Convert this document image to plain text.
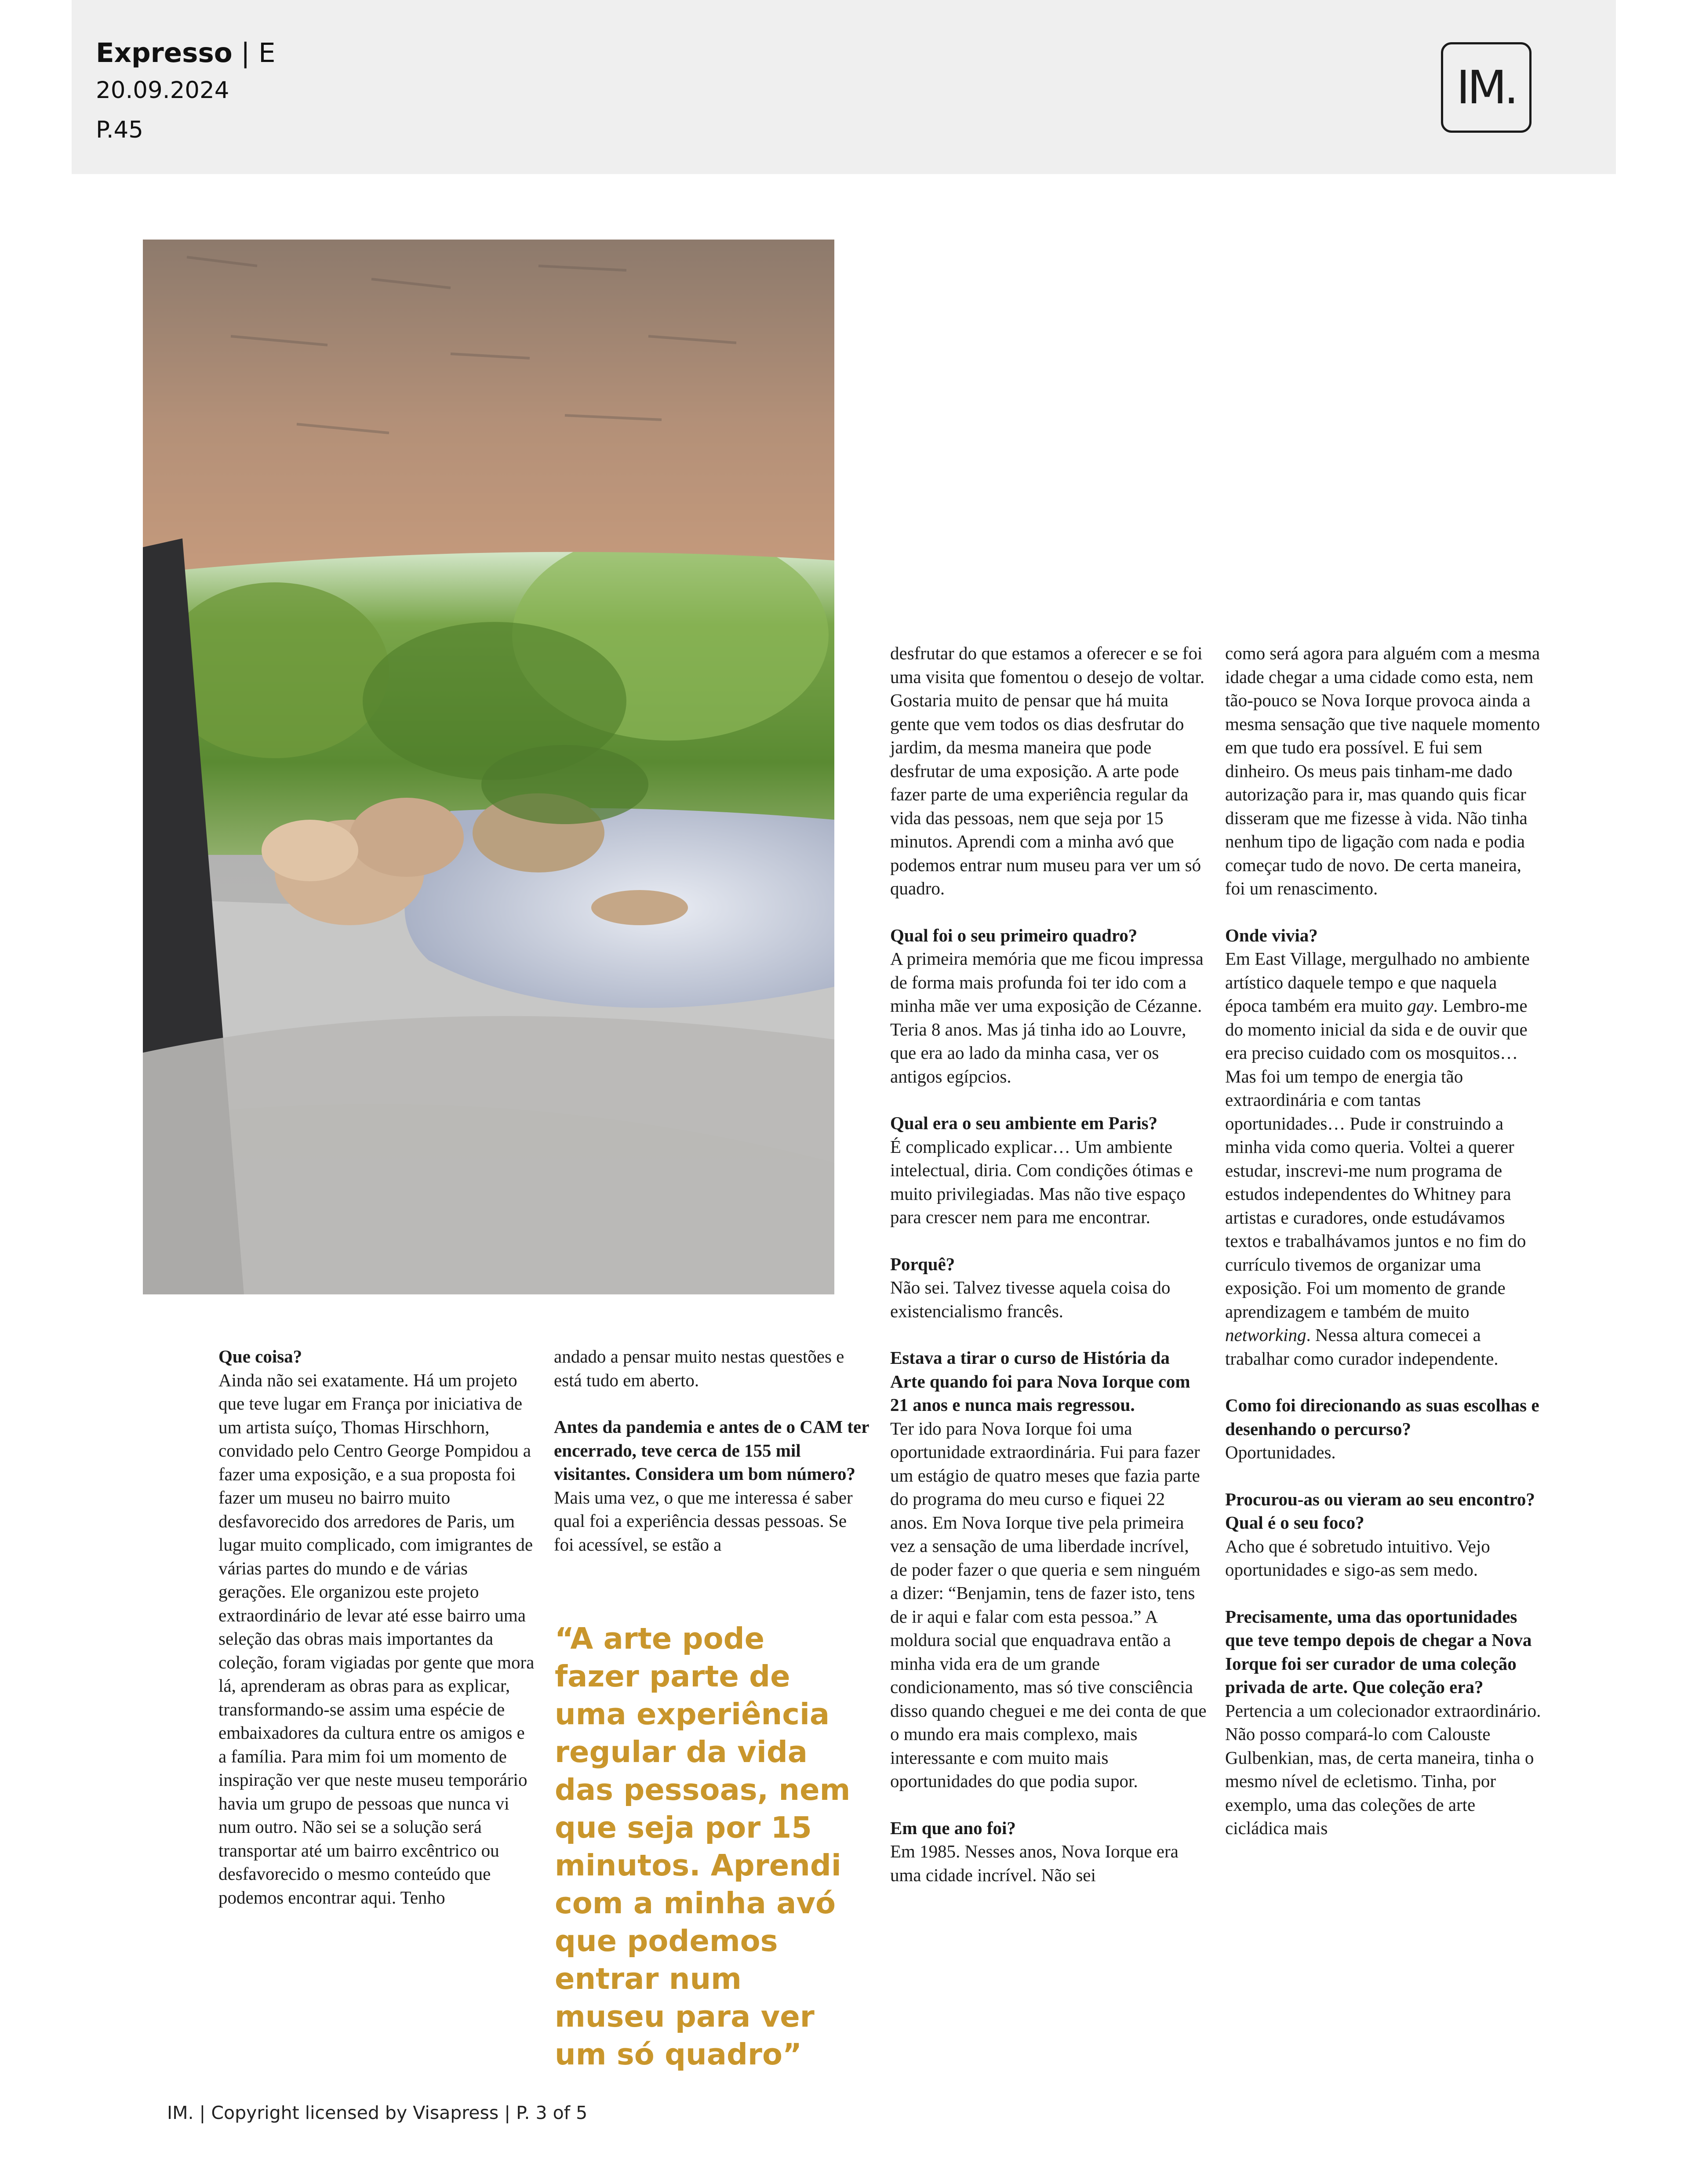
Expresso | E
20.09.2024
P.45
IM.

Que coisa?

Ainda não sei exatamente. Há um projeto que teve lugar em França por iniciativa de um artista suíço, Thomas Hirschhorn, convidado pelo Centro George Pompidou a fazer uma exposição, e a sua proposta foi fazer um museu no bairro muito desfavorecido dos arredores de Paris, um lugar muito complicado, com imigrantes de várias partes do mundo e de várias gerações. Ele organizou este projeto extraordinário de levar até esse bairro uma seleção das obras mais importantes da coleção, foram vigiadas por gente que mora lá, aprenderam as obras para as explicar, transformando-se assim uma espécie de embaixadores da cultura entre os amigos e a família. Para mim foi um momento de inspiração ver que neste museu temporário havia um grupo de pessoas que nunca vi num outro. Não sei se a solução será transportar até um bairro excêntrico ou desfavorecido o mesmo conteúdo que podemos encontrar aqui. Tenho

andado a pensar muito nestas questões e está tudo em aberto.

Antes da pandemia e antes de o CAM ter encerrado, teve cerca de 155 mil visitantes. Considera um bom número?

Mais uma vez, o que me interessa é saber qual foi a experiência dessas pessoas. Se foi acessível, se estão a

“A arte pode fazer parte de uma experiência regular da vida das pessoas, nem que seja por 15 minutos. Aprendi com a minha avó que podemos entrar num museu para ver um só quadro”

desfrutar do que estamos a oferecer e se foi uma visita que fomentou o desejo de voltar. Gostaria muito de pensar que há muita gente que vem todos os dias desfrutar do jardim, da mesma maneira que pode desfrutar de uma exposição. A arte pode fazer parte de uma experiência regular da vida das pessoas, nem que seja por 15 minutos. Aprendi com a minha avó que podemos entrar num museu para ver um só quadro.

Qual foi o seu primeiro quadro?

A primeira memória que me ficou impressa de forma mais profunda foi ter ido com a minha mãe ver uma exposição de Cézanne. Teria 8 anos. Mas já tinha ido ao Louvre, que era ao lado da minha casa, ver os antigos egípcios.

Qual era o seu ambiente em Paris?

É complicado explicar… Um ambiente intelectual, diria. Com condições ótimas e muito privilegiadas. Mas não tive espaço para crescer nem para me encontrar.

Porquê?

Não sei. Talvez tivesse aquela coisa do existencialismo francês.

Estava a tirar o curso de História da Arte quando foi para Nova Iorque com 21 anos e nunca mais regressou.

Ter ido para Nova Iorque foi uma oportunidade extraordinária. Fui para fazer um estágio de quatro meses que fazia parte do programa do meu curso e fiquei 22 anos. Em Nova Iorque tive pela primeira vez a sensação de uma liberdade incrível, de poder fazer o que queria e sem ninguém a dizer: “Benjamin, tens de fazer isto, tens de ir aqui e falar com esta pessoa.” A moldura social que enquadrava então a minha vida era de um grande condicionamento, mas só tive consciência disso quando cheguei e me dei conta de que o mundo era mais complexo, mais interessante e com muito mais oportunidades do que podia supor.

Em que ano foi?

Em 1985. Nesses anos, Nova Iorque era uma cidade incrível. Não sei

como será agora para alguém com a mesma idade chegar a uma cidade como esta, nem tão-pouco se Nova Iorque provoca ainda a mesma sensação que tive naquele momento em que tudo era possível. E fui sem dinheiro. Os meus pais tinham-me dado autorização para ir, mas quando quis ficar disseram que me fizesse à vida. Não tinha nenhum tipo de ligação com nada e podia começar tudo de novo. De certa maneira, foi um renascimento.

Onde vivia?

Em East Village, mergulhado no ambiente artístico daquele tempo e que naquela época também era muito gay. Lembro-me do momento inicial da sida e de ouvir que era preciso cuidado com os mosquitos… Mas foi um tempo de energia tão extraordinária e com tantas oportunidades… Pude ir construindo a minha vida como queria. Voltei a querer estudar, inscrevi-me num programa de estudos independentes do Whitney para artistas e curadores, onde estudávamos textos e trabalhávamos juntos e no fim do currículo tivemos de organizar uma exposição. Foi um momento de grande aprendizagem e também de muito networking. Nessa altura comecei a trabalhar como curador independente.

Como foi direcionando as suas escolhas e desenhando o percurso?

Oportunidades.

Procurou-as ou vieram ao seu encontro? Qual é o seu foco?

Acho que é sobretudo intuitivo. Vejo oportunidades e sigo-as sem medo.

Precisamente, uma das oportunidades que teve tempo depois de chegar a Nova Iorque foi ser curador de uma coleção privada de arte. Que coleção era?

Pertencia a um colecionador extraordinário. Não posso compará-lo com Calouste Gulbenkian, mas, de certa maneira, tinha o mesmo nível de ecletismo. Tinha, por exemplo, uma das coleções de arte cicládica mais

IM. | Copyright licensed by Visapress | P. 3 of 5
